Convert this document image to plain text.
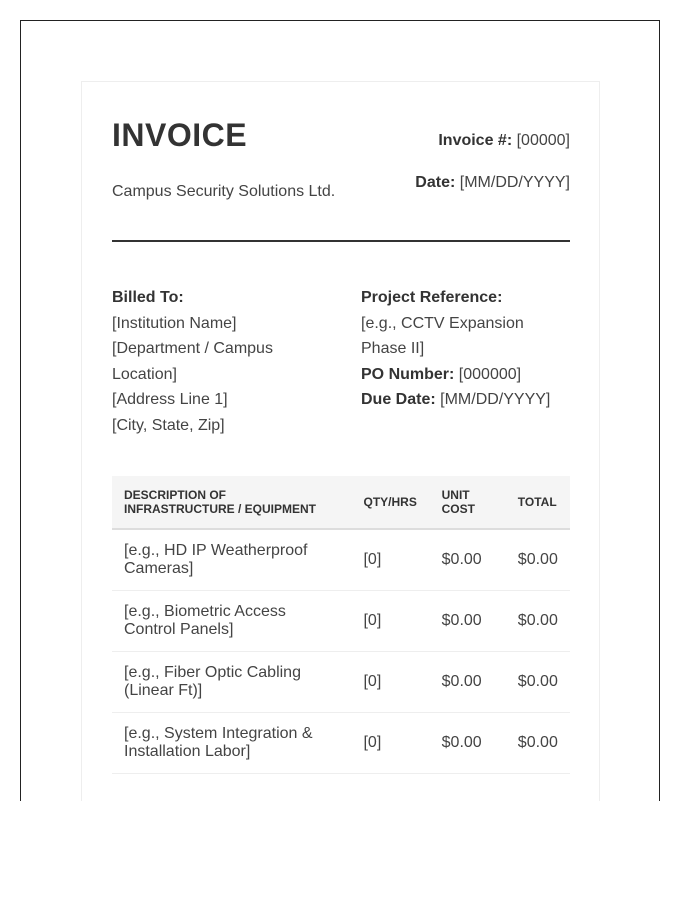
INVOICE
Campus Security Solutions Ltd.
Invoice #: [00000]
Date: [MM/DD/YYYY]
Billed To:
[Institution Name]
[Department / Campus Location]
[Address Line 1]
[City, State, Zip]
Project Reference:
[e.g., CCTV Expansion Phase II]
PO Number: [000000]
Due Date: [MM/DD/YYYY]
DESCRIPTION OF INFRASTRUCTURE / EQUIPMENT	QTY/HRS	UNIT COST	TOTAL
[e.g., HD IP Weatherproof Cameras]	[0]	$0.00	$0.00
[e.g., Biometric Access Control Panels]	[0]	$0.00	$0.00
[e.g., Fiber Optic Cabling (Linear Ft)]	[0]	$0.00	$0.00
[e.g., System Integration & Installation Labor]	[0]	$0.00	$0.00
